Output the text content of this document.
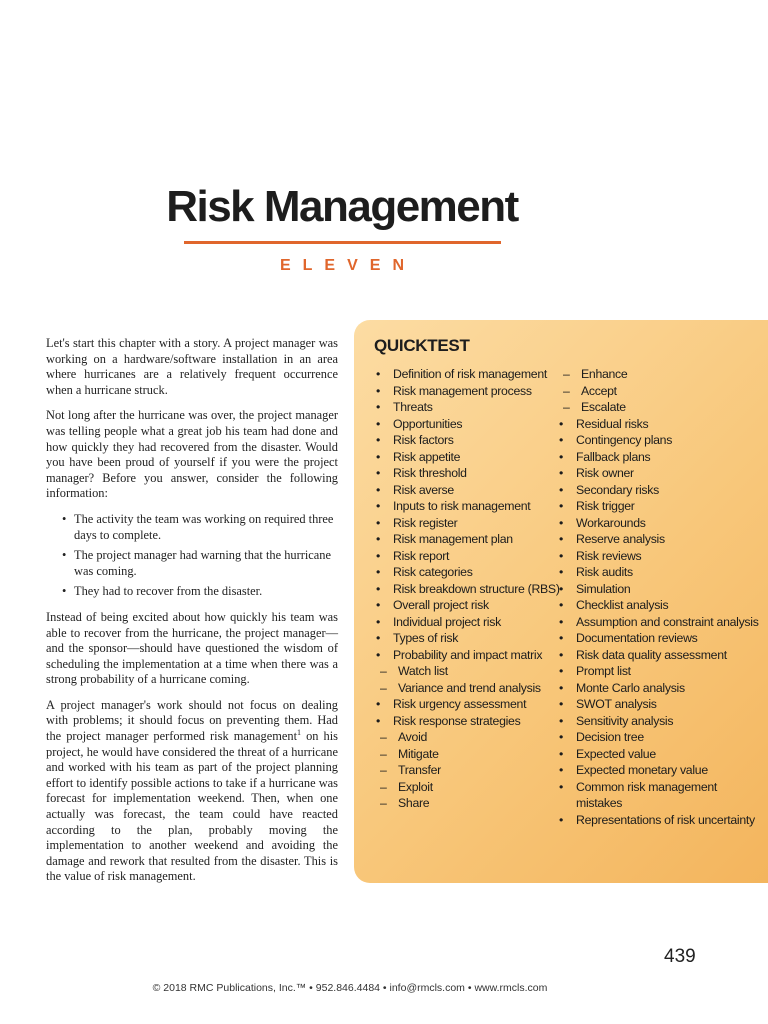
Risk Management
ELEVEN

Let's start this chapter with a story. A project manager was working on a hardware/software installation in an area where hurricanes are a relatively frequent occurrence when a hurricane struck.

Not long after the hurricane was over, the project manager was telling people what a great job his team had done and how quickly they had recovered from the disaster. Would you have been proud of yourself if you were the project manager? Before you answer, consider the following information:

• The activity the team was working on required three days to complete.
• The project manager had warning that the hurricane was coming.
• They had to recover from the disaster.

Instead of being excited about how quickly his team was able to recover from the hurricane, the project manager—and the sponsor—should have questioned the wisdom of scheduling the implementation at a time when there was a strong probability of a hurricane coming.

A project manager's work should not focus on dealing with problems; it should focus on preventing them. Had the project manager performed risk management$^1$ on his project, he would have considered the threat of a hurricane and worked with his team as part of the project planning effort to identify possible actions to take if a hurricane was forecast for implementation weekend. Then, when one actually was forecast, the team could have reacted according to the plan, probably moving the implementation to another weekend and avoiding the damage and rework that resulted from the disaster. This is the value of risk management.

QUICKTEST
• Definition of risk management
• Risk management process
• Threats
• Opportunities
• Risk factors
• Risk appetite
• Risk threshold
• Risk averse
• Inputs to risk management
• Risk register
• Risk management plan
• Risk report
• Risk categories
• Risk breakdown structure (RBS)
• Overall project risk
• Individual project risk
• Types of risk
• Probability and impact matrix
– Watch list
– Variance and trend analysis
• Risk urgency assessment
• Risk response strategies
– Avoid
– Mitigate
– Transfer
– Exploit
– Share
– Enhance
– Accept
– Escalate
• Residual risks
• Contingency plans
• Fallback plans
• Risk owner
• Secondary risks
• Risk trigger
• Workarounds
• Reserve analysis
• Risk reviews
• Risk audits
• Simulation
• Checklist analysis
• Assumption and constraint analysis
• Documentation reviews
• Risk data quality assessment
• Prompt list
• Monte Carlo analysis
• SWOT analysis
• Sensitivity analysis
• Decision tree
• Expected value
• Expected monetary value
• Common risk management mistakes
• Representations of risk uncertainty
439
© 2018 RMC Publications, Inc.™ • 952.846.4484 • info@rmcls.com • www.rmcls.com
